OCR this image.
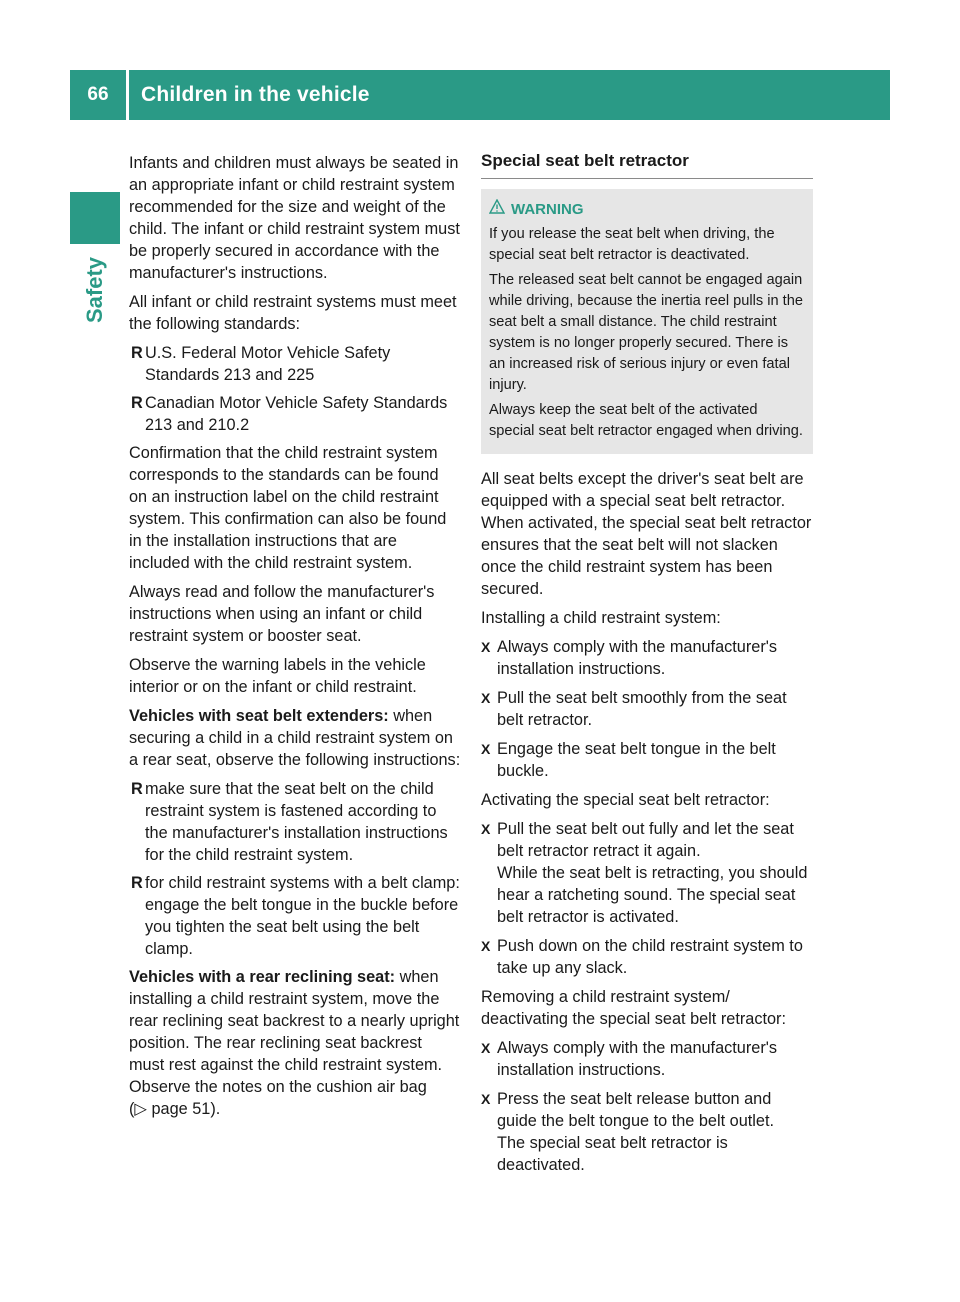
66	Children in the vehicle
Safety

Infants and children must always be seated in an appropriate infant or child restraint system recommended for the size and weight of the child. The infant or child restraint system must be properly secured in accordance with the manufacturer's instructions.

All infant or child restraint systems must meet the following standards:

R U.S. Federal Motor Vehicle Safety Standards 213 and 225
R Canadian Motor Vehicle Safety Standards 213 and 210.2

Confirmation that the child restraint system corresponds to the standards can be found on an instruction label on the child restraint system. This confirmation can also be found in the installation instructions that are included with the child restraint system.

Always read and follow the manufacturer's instructions when using an infant or child restraint system or booster seat.

Observe the warning labels in the vehicle interior or on the infant or child restraint.

Vehicles with seat belt extenders: when securing a child in a child restraint system on a rear seat, observe the following instructions:

R make sure that the seat belt on the child restraint system is fastened according to the manufacturer's installation instructions for the child restraint system.
R for child restraint systems with a belt clamp: engage the belt tongue in the buckle before you tighten the seat belt using the belt clamp.

Vehicles with a rear reclining seat: when installing a child restraint system, move the rear reclining seat backrest to a nearly upright position. The rear reclining seat backrest must rest against the child restraint system. Observe the notes on the cushion air bag
(▷ page 51).

Special seat belt retractor
WARNING

If you release the seat belt when driving, the special seat belt retractor is deactivated.

The released seat belt cannot be engaged again while driving, because the inertia reel pulls in the seat belt a small distance. The child restraint system is no longer properly secured. There is an increased risk of serious injury or even fatal injury.

Always keep the seat belt of the activated special seat belt retractor engaged when driving.

All seat belts except the driver's seat belt are equipped with a special seat belt retractor. When activated, the special seat belt retractor ensures that the seat belt will not slacken once the child restraint system has been secured.

Installing a child restraint system:

X Always comply with the manufacturer's installation instructions.
X Pull the seat belt smoothly from the seat belt retractor.
X Engage the seat belt tongue in the belt buckle.

Activating the special seat belt retractor:

X Pull the seat belt out fully and let the seat belt retractor retract it again.
While the seat belt is retracting, you should hear a ratcheting sound. The special seat belt retractor is activated.
X Push down on the child restraint system to take up any slack.

Removing a child restraint system/ deactivating the special seat belt retractor:

X Always comply with the manufacturer's installation instructions.
X Press the seat belt release button and guide the belt tongue to the belt outlet.
The special seat belt retractor is deactivated.
